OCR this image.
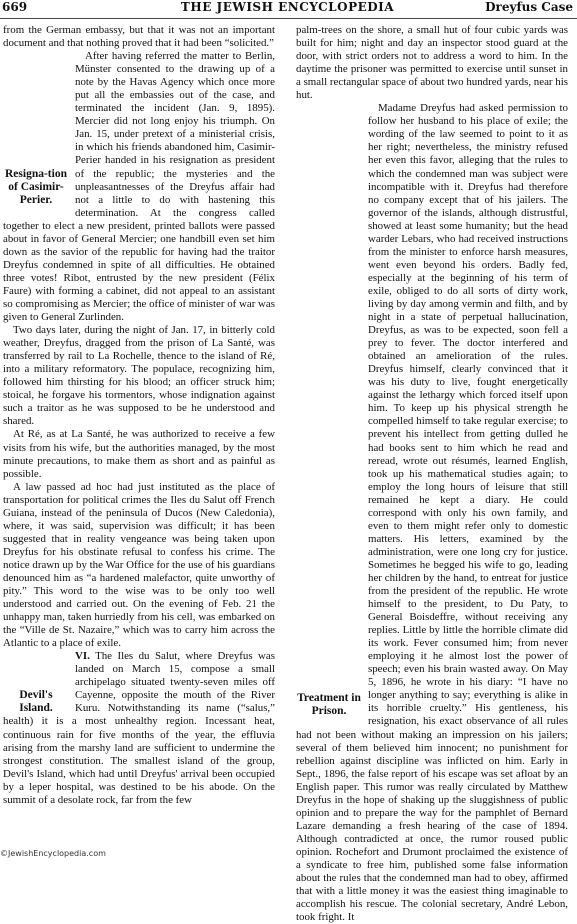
669	THE JEWISH ENCYCLOPEDIA	Dreyfus Case

from the German embassy, but that it was not an important document and that nothing proved that it had been “solicited.”

Resigna-tion of Casimir-Perier.

After having referred the matter to Berlin, Münster consented to the drawing up of a note by the Havas Agency which once more put all the embassies out of the case, and terminated the incident (Jan. 9, 1895). Mercier did not long enjoy his triumph. On Jan. 15, under pretext of a ministerial crisis, in which his friends abandoned him, Casimir-Perier handed in his resignation as president of the republic; the mysteries and the unpleasantnesses of the Dreyfus affair had not a little to do with hastening this determination. At the congress called together to elect a new president, printed ballots were passed about in favor of General Mercier; one handbill even set him down as the savior of the republic for having had the traitor Dreyfus condemned in spite of all difficulties. He obtained three votes! Ribot, entrusted by the new president (Félix Faure) with forming a cabinet, did not appeal to an assistant so compromising as Mercier; the office of minister of war was given to General Zurlinden.

Two days later, during the night of Jan. 17, in bitterly cold weather, Dreyfus, dragged from the prison of La Santé, was transferred by rail to La Rochelle, thence to the island of Ré, into a military reformatory. The populace, recognizing him, followed him thirsting for his blood; an officer struck him; stoical, he forgave his tormentors, whose indignation against such a traitor as he was supposed to be he understood and shared.

At Ré, as at La Santé, he was authorized to receive a few visits from his wife, but the authorities managed, by the most minute precautions, to make them as short and as painful as possible.

A law passed ad hoc had just instituted as the place of transportation for political crimes the Iles du Salut off French Guiana, instead of the peninsula of Ducos (New Caledonia), where, it was said, supervision was difficult; it has been suggested that in reality vengeance was being taken upon Dreyfus for his obstinate refusal to confess his crime. The notice drawn up by the War Office for the use of his guardians denounced him as “a hardened malefactor, quite unworthy of pity.” This word to the wise was to be only too well understood and carried out. On the evening of Feb. 21 the unhappy man, taken hurriedly from his cell, was embarked on the “Ville de St. Nazaire,” which was to carry him across the Atlantic to a place of exile.

Devil's Island.

VI. The Iles du Salut, where Dreyfus was landed on March 15, compose a small archipelago situated twenty-seven miles off Cayenne, opposite the mouth of the River Kuru. Notwithstanding its name (“salus,” health) it is a most unhealthy region. Incessant heat, continuous rain for five months of the year, the effluvia arising from the marshy land are sufficient to undermine the strongest constitution. The smallest island of the group, Devil's Island, which had until Dreyfus' arrival been occupied by a leper hospital, was destined to be his abode. On the summit of a desolate rock, far from the few

palm-trees on the shore, a small hut of four cubic yards was built for him; night and day an inspector stood guard at the door, with strict orders not to address a word to him. In the daytime the prisoner was permitted to exercise until sunset in a small rectangular space of about two hundred yards, near his hut.

Treatment in Prison.

Madame Dreyfus had asked permission to follow her husband to his place of exile; the wording of the law seemed to point to it as her right; nevertheless, the ministry refused her even this favor, alleging that the rules to which the condemned man was subject were incompatible with it. Dreyfus had therefore no company except that of his jailers. The governor of the islands, although distrustful, showed at least some humanity; but the head warder Lebars, who had received instructions from the minister to enforce harsh measures, went even beyond his orders. Badly fed, especially at the beginning of his term of exile, obliged to do all sorts of dirty work, living by day among vermin and filth, and by night in a state of perpetual hallucination, Dreyfus, as was to be expected, soon fell a prey to fever. The doctor interfered and obtained an amelioration of the rules. Dreyfus himself, clearly convinced that it was his duty to live, fought energetically against the lethargy which forced itself upon him. To keep up his physical strength he compelled himself to take regular exercise; to prevent his intellect from getting dulled he had books sent to him which he read and reread, wrote out résumés, learned English, took up his mathematical studies again; to employ the long hours of leisure that still remained he kept a diary. He could correspond with only his own family, and even to them might refer only to domestic matters. His letters, examined by the administration, were one long cry for justice. Sometimes he begged his wife to go, leading her children by the hand, to entreat for justice from the president of the republic. He wrote himself to the president, to Du Paty, to General Boisdeffre, without receiving any replies. Little by little the horrible climate did its work. Fever consumed him; from never employing it he almost lost the power of speech; even his brain wasted away. On May 5, 1896, he wrote in his diary: “I have no longer anything to say; everything is alike in its horrible cruelty.” His gentleness, his resignation, his exact observance of all rules had not been without making an impression on his jailers; several of them believed him innocent; no punishment for rebellion against discipline was inflicted on him. Early in Sept., 1896, the false report of his escape was set afloat by an English paper. This rumor was really circulated by Matthew Dreyfus in the hope of shaking up the sluggishness of public opinion and to prepare the way for the pamphlet of Bernard Lazare demanding a fresh hearing of the case of 1894. Although contradicted at once, the rumor roused public opinion. Rochefort and Drumont proclaimed the existence of a syndicate to free him, published some false information about the rules that the condemned man had to obey, affirmed that with a little money it was the easiest thing imaginable to accomplish his rescue. The colonial secretary, André Lebon, took fright. It

©JewishEncyclopedia.com
